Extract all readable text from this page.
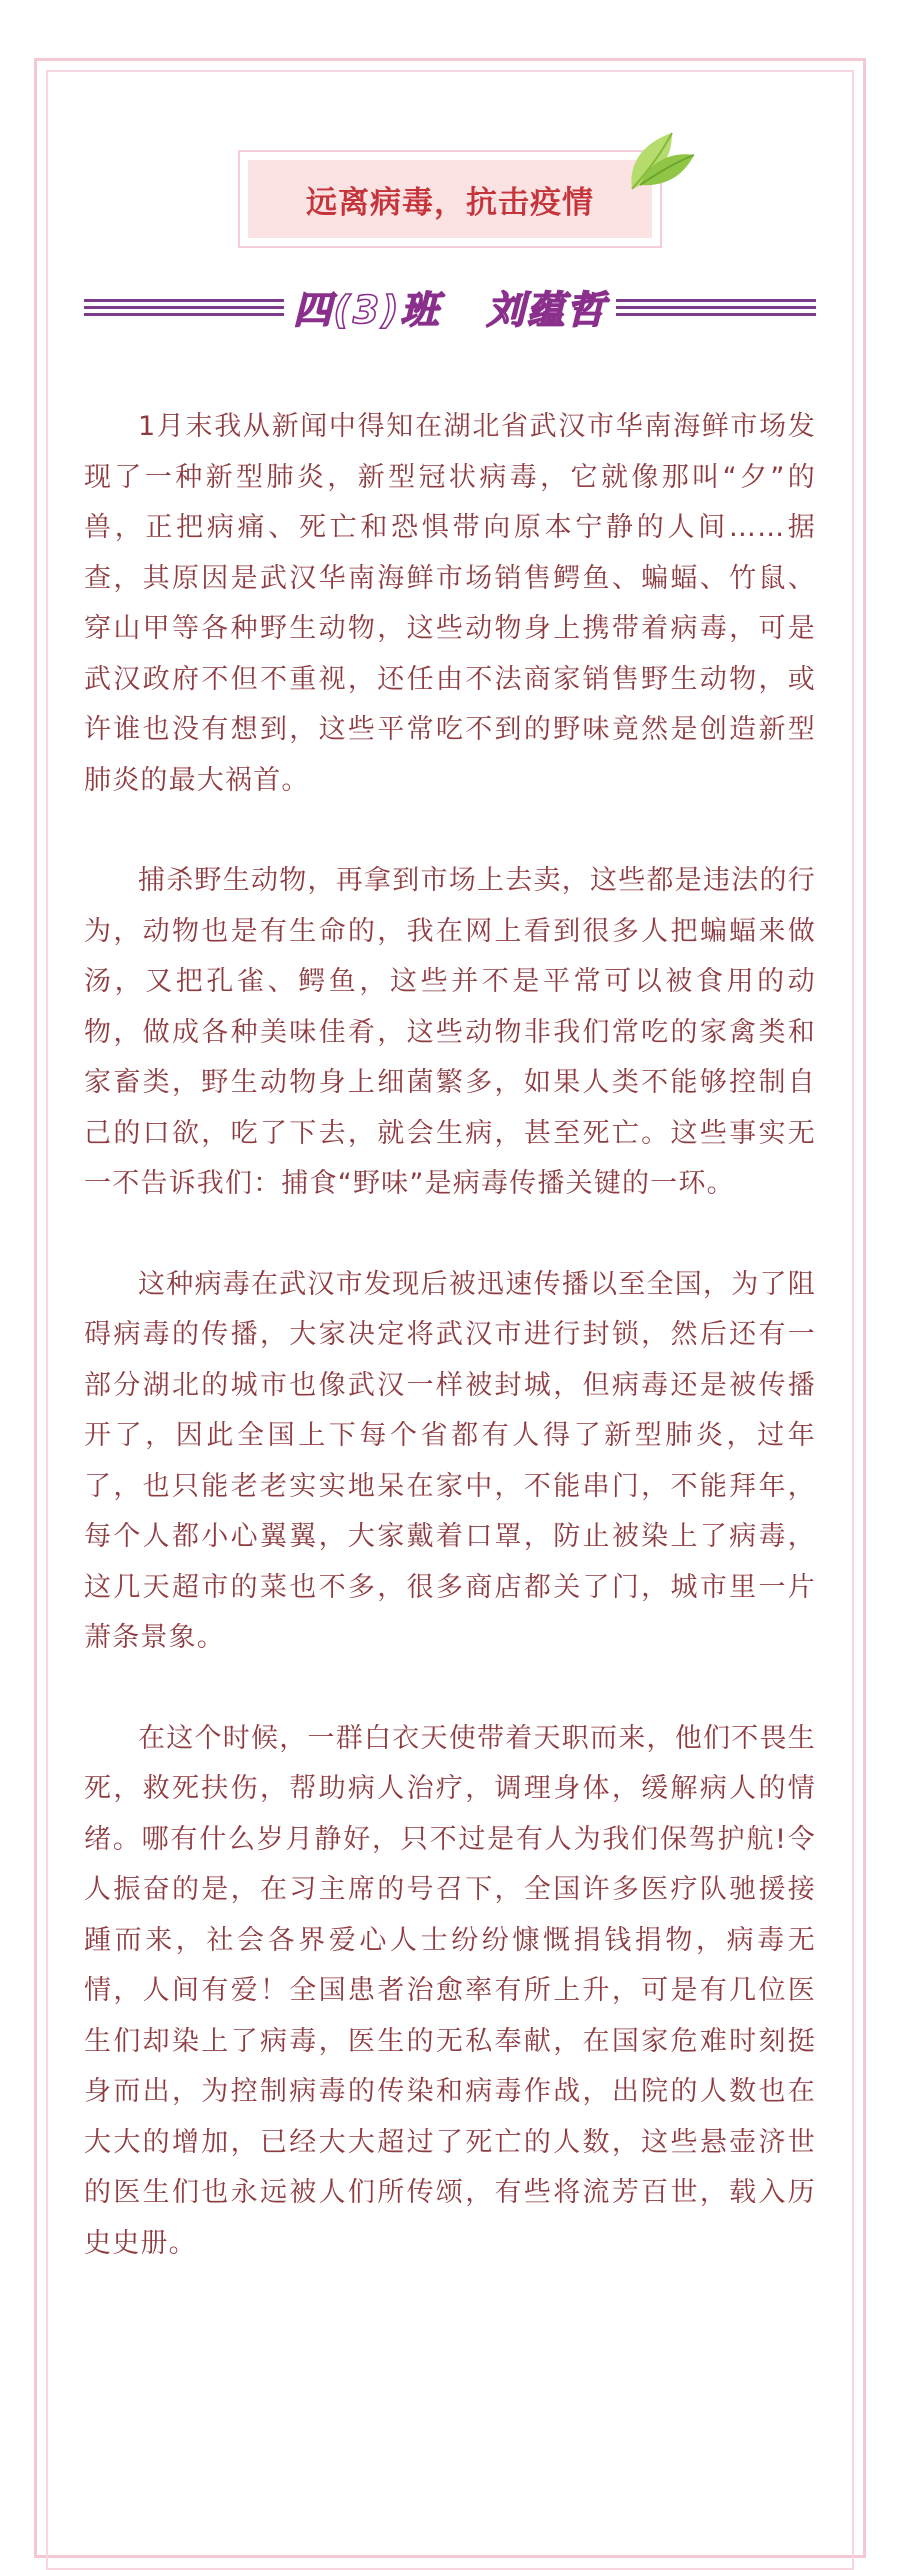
远离病毒，抗击疫情
四(3)班 刘蕴哲

1月末我从新闻中得知在湖北省武汉市华南海鲜市场发现了一种新型肺炎，新型冠状病毒，它就像那叫“夕”的兽，正把病痛、死亡和恐惧带向原本宁静的人间……据查，其原因是武汉华南海鲜市场销售鳄鱼、蝙蝠、竹鼠、穿山甲等各种野生动物，这些动物身上携带着病毒，可是武汉政府不但不重视，还任由不法商家销售野生动物，或许谁也没有想到，这些平常吃不到的野味竟然是创造新型肺炎的最大祸首。

捕杀野生动物，再拿到市场上去卖，这些都是违法的行为，动物也是有生命的，我在网上看到很多人把蝙蝠来做汤，又把孔雀、鳄鱼，这些并不是平常可以被食用的动物，做成各种美味佳肴，这些动物非我们常吃的家禽类和家畜类，野生动物身上细菌繁多，如果人类不能够控制自己的口欲，吃了下去，就会生病，甚至死亡。这些事实无一不告诉我们：捕食“野味”是病毒传播关键的一环。

这种病毒在武汉市发现后被迅速传播以至全国，为了阻碍病毒的传播，大家决定将武汉市进行封锁，然后还有一部分湖北的城市也像武汉一样被封城，但病毒还是被传播开了，因此全国上下每个省都有人得了新型肺炎，过年了，也只能老老实实地呆在家中，不能串门，不能拜年，每个人都小心翼翼，大家戴着口罩，防止被染上了病毒，这几天超市的菜也不多，很多商店都关了门，城市里一片萧条景象。

在这个时候，一群白衣天使带着天职而来，他们不畏生死，救死扶伤，帮助病人治疗，调理身体，缓解病人的情绪。哪有什么岁月静好，只不过是有人为我们保驾护航!令人振奋的是，在习主席的号召下，全国许多医疗队驰援接踵而来，社会各界爱心人士纷纷慷慨捐钱捐物，病毒无情，人间有爱！全国患者治愈率有所上升，可是有几位医生们却染上了病毒，医生的无私奉献，在国家危难时刻挺身而出，为控制病毒的传染和病毒作战，出院的人数也在大大的增加，已经大大超过了死亡的人数，这些悬壶济世的医生们也永远被人们所传颂，有些将流芳百世，载入历史史册。
